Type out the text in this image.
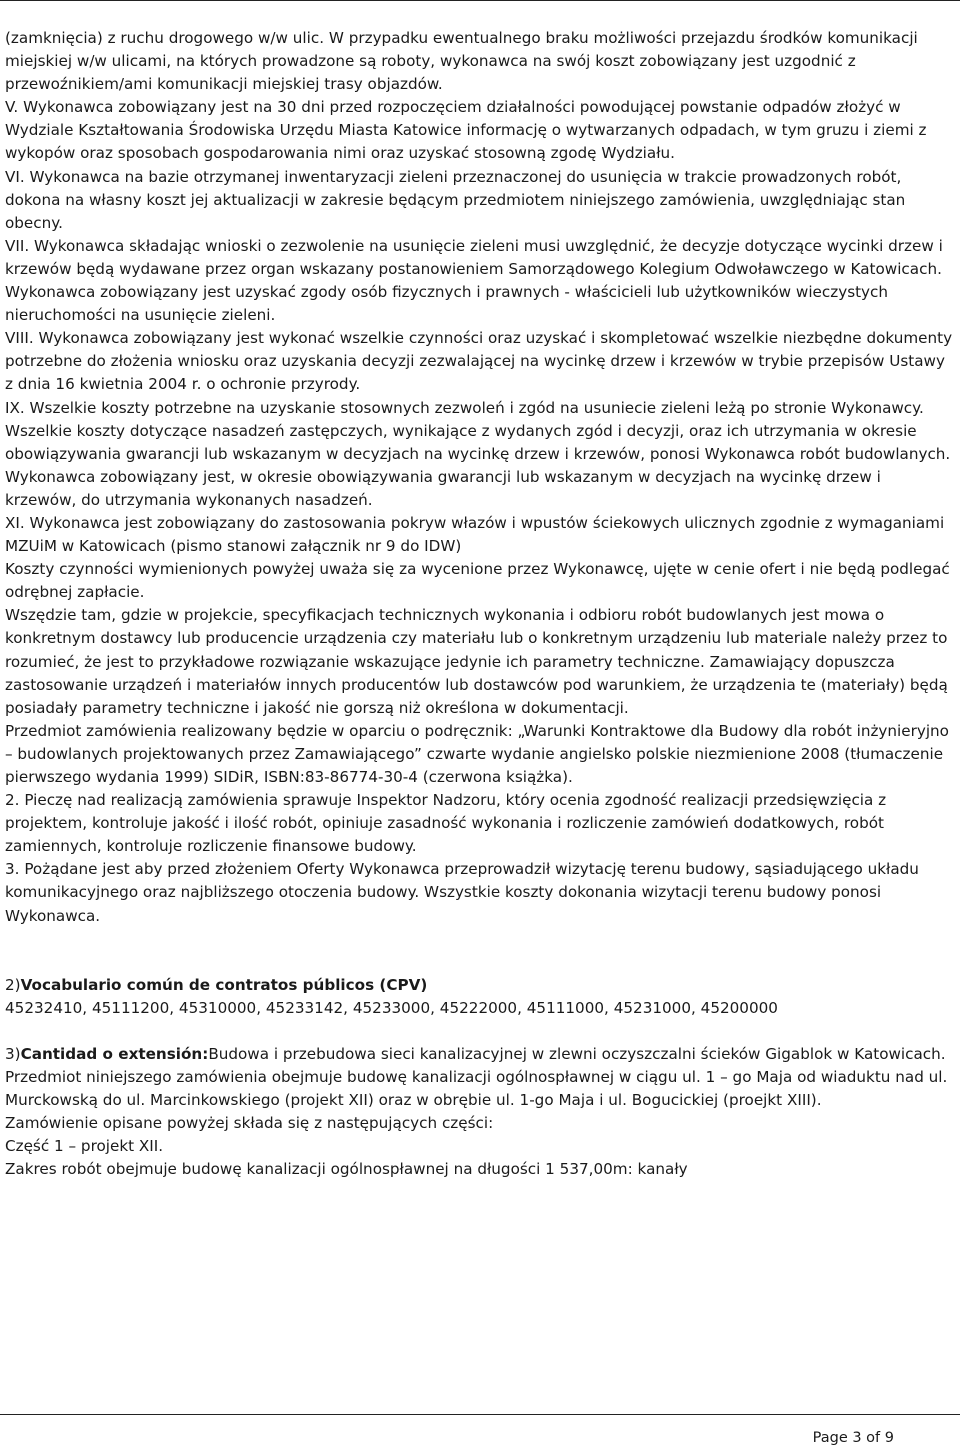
(zamknięcia) z ruchu drogowego w/w ulic. W przypadku ewentualnego braku możliwości przejazdu środków komunikacji miejskiej w/w ulicami, na których prowadzone są roboty, wykonawca na swój koszt zobowiązany jest uzgodnić z przewoźnikiem/ami komunikacji miejskiej trasy objazdów.

V. Wykonawca zobowiązany jest na 30 dni przed rozpoczęciem działalności powodującej powstanie odpadów złożyć w Wydziale Kształtowania Środowiska Urzędu Miasta Katowice informację o wytwarzanych odpadach, w tym gruzu i ziemi z wykopów oraz sposobach gospodarowania nimi oraz uzyskać stosowną zgodę Wydziału.

VI. Wykonawca na bazie otrzymanej inwentaryzacji zieleni przeznaczonej do usunięcia w trakcie prowadzonych robót, dokona na własny koszt jej aktualizacji w zakresie będącym przedmiotem niniejszego zamówienia, uwzględniając stan obecny.

VII. Wykonawca składając wnioski o zezwolenie na usunięcie zieleni musi uwzględnić, że decyzje dotyczące wycinki drzew i krzewów będą wydawane przez organ wskazany postanowieniem Samorządowego Kolegium Odwoławczego w Katowicach.

Wykonawca zobowiązany jest uzyskać zgody osób fizycznych i prawnych - właścicieli lub użytkowników wieczystych nieruchomości na usunięcie zieleni.

VIII. Wykonawca zobowiązany jest wykonać wszelkie czynności oraz uzyskać i skompletować wszelkie niezbędne dokumenty potrzebne do złożenia wniosku oraz uzyskania decyzji zezwalającej na wycinkę drzew i krzewów w trybie przepisów Ustawy z dnia 16 kwietnia 2004 r. o ochronie przyrody.

IX. Wszelkie koszty potrzebne na uzyskanie stosownych zezwoleń i zgód na usuniecie zieleni leżą po stronie Wykonawcy.

Wszelkie koszty dotyczące nasadzeń zastępczych, wynikające z wydanych zgód i decyzji, oraz ich utrzymania w okresie obowiązywania gwarancji lub wskazanym w decyzjach na wycinkę drzew i krzewów, ponosi Wykonawca robót budowlanych.

Wykonawca zobowiązany jest, w okresie obowiązywania gwarancji lub wskazanym w decyzjach na wycinkę drzew i krzewów, do utrzymania wykonanych nasadzeń.

XI. Wykonawca jest zobowiązany do zastosowania pokryw włazów i wpustów ściekowych ulicznych zgodnie z wymaganiami MZUiM w Katowicach (pismo stanowi załącznik nr 9 do IDW)

Koszty czynności wymienionych powyżej uważa się za wycenione przez Wykonawcę, ujęte w cenie ofert i nie będą podlegać odrębnej zapłacie.

Wszędzie tam, gdzie w projekcie, specyfikacjach technicznych wykonania i odbioru robót budowlanych jest mowa o konkretnym dostawcy lub producencie urządzenia czy materiału lub o konkretnym urządzeniu lub materiale należy przez to rozumieć, że jest to przykładowe rozwiązanie wskazujące jedynie ich parametry techniczne. Zamawiający dopuszcza zastosowanie urządzeń i materiałów innych producentów lub dostawców pod warunkiem, że urządzenia te (materiały) będą posiadały parametry techniczne i jakość nie gorszą niż określona w dokumentacji.

Przedmiot zamówienia realizowany będzie w oparciu o podręcznik: „Warunki Kontraktowe dla Budowy dla robót inżynieryjno – budowlanych projektowanych przez Zamawiającego” czwarte wydanie angielsko polskie niezmienione 2008 (tłumaczenie pierwszego wydania 1999) SIDiR, ISBN:83-86774-30-4 (czerwona książka).

2. Pieczę nad realizacją zamówienia sprawuje Inspektor Nadzoru, który ocenia zgodność realizacji przedsięwzięcia z projektem, kontroluje jakość i ilość robót, opiniuje zasadność wykonania i rozliczenie zamówień dodatkowych, robót zamiennych, kontroluje rozliczenie finansowe budowy.

3. Pożądane jest aby przed złożeniem Oferty Wykonawca przeprowadził wizytację terenu budowy, sąsiadującego układu komunikacyjnego oraz najbliższego otoczenia budowy. Wszystkie koszty dokonania wizytacji terenu budowy ponosi Wykonawca.

2)Vocabulario común de contratos públicos (CPV)

45232410, 45111200, 45310000, 45233142, 45233000, 45222000, 45111000, 45231000, 45200000

3)Cantidad o extensión:Budowa i przebudowa sieci kanalizacyjnej w zlewni oczyszczalni ścieków Gigablok w Katowicach.

Przedmiot niniejszego zamówienia obejmuje budowę kanalizacji ogólnospławnej w ciągu ul. 1 – go Maja od wiaduktu nad ul. Murckowską do ul. Marcinkowskiego (projekt XII) oraz w obrębie ul. 1-go Maja i ul. Bogucickiej (proejkt XIII).

Zamówienie opisane powyżej składa się z następujących części:

Część 1 – projekt XII.

Zakres robót obejmuje budowę kanalizacji ogólnospławnej na długości 1 537,00m: kanały

Page 3 of 9
